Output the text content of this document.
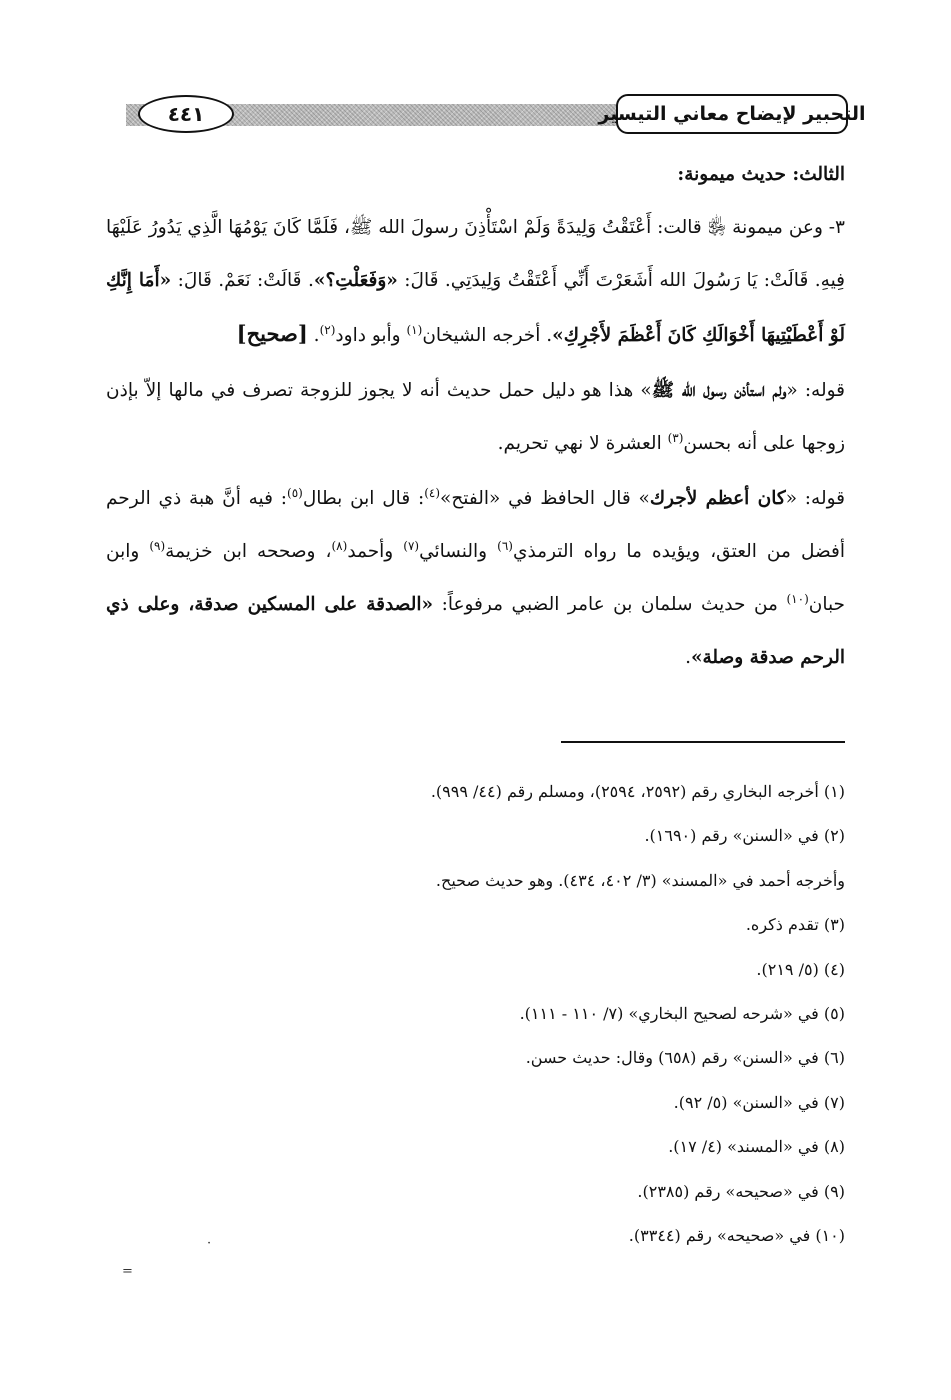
التحبير لإيضاح معاني التيسير
٤٤١

الثالث: حديث ميمونة:

٣- وعن ميمونة ﵂ قالت: أَعْتَقْتُ وَلِيدَةً وَلَمْ اسْتَأْذِنَ رسولَ الله ﷺ، فَلَمَّا كَانَ يَوْمُهَا الَّذِي يَدُورُ عَلَيْهَا فِيهِ. قَالَتْ: يَا رَسُولَ الله أَشَعَرْتَ أَنِّي أَعْتَقْتُ وَلِيدَتِي. قَالَ: «وَفَعَلْتِ؟». قَالَتْ: نَعَمْ. قَالَ: «أَمَا إِنَّكِ لَوْ أَعْطَيْتِيهَا أَخْوَالَكِ كَانَ أَعْظَمَ لأَجْرِكِ». أخرجه الشيخان$^{(١)}$ وأبو داود$^{(٢)}$. [صحيح]

قوله: «ولم استأذن رسول الله ﷺ» هذا هو دليل حمل حديث أنه لا يجوز للزوجة تصرف في مالها إلاّ بإذن زوجها على أنه بحسن$^{(٣)}$ العشرة لا نهي تحريم.

قوله: «كان أعظم لأجرك» قال الحافظ في «الفتح»$^{(٤)}$: قال ابن بطال$^{(٥)}$: فيه أنَّ هبة ذي الرحم أفضل من العتق، ويؤيده ما رواه الترمذي$^{(٦)}$ والنسائي$^{(٧)}$ وأحمد$^{(٨)}$، وصححه ابن خزيمة$^{(٩)}$ وابن حبان$^{(١٠)}$ من حديث سلمان بن عامر الضبي مرفوعاً: «الصدقة على المسكين صدقة، وعلى ذي الرحم صدقة وصلة».

(١) أخرجه البخاري رقم (٢٥٩٢، ٢٥٩٤)، ومسلم رقم (٤٤/ ٩٩٩).

(٢) في «السنن» رقم (١٦٩٠).

وأخرجه أحمد في «المسند» (٣/ ٤٠٢، ٤٣٤). وهو حديث صحيح.

(٣) تقدم ذكره.

(٤) (٥/ ٢١٩).

(٥) في «شرحه لصحيح البخاري» (٧/ ١١٠ - ١١١).

(٦) في «السنن» رقم (٦٥٨) وقال: حديث حسن.

(٧) في «السنن» (٥/ ٩٢).

(٨) في «المسند» (٤/ ١٧).

(٩) في «صحيحه» رقم (٢٣٨٥).

(١٠) في «صحيحه» رقم (٣٣٤٤).

·
=
